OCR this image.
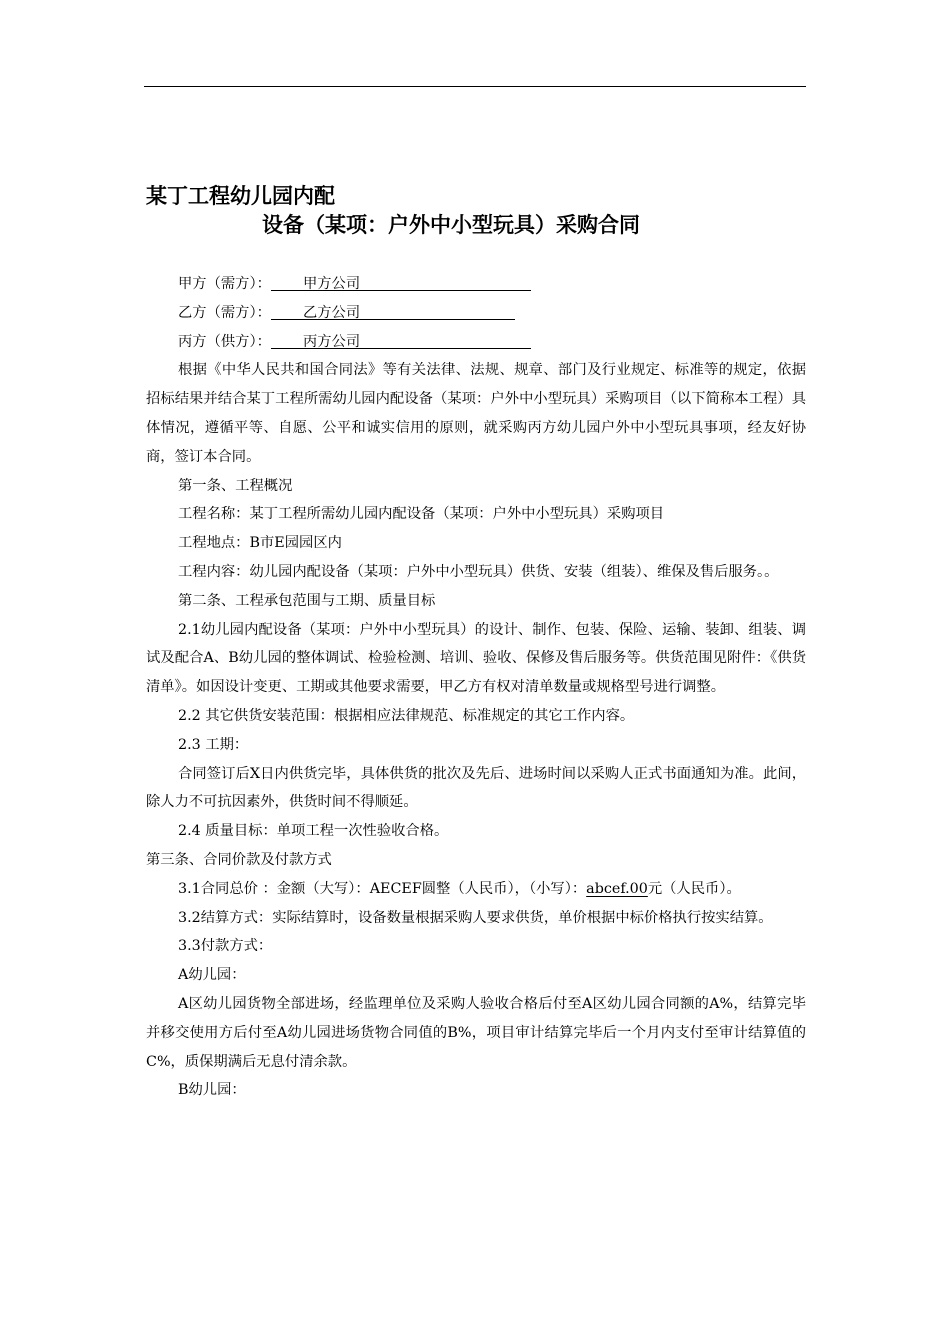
某丁工程幼儿园内配
设备（某项：户外中小型玩具）采购合同

甲方（需方）： 甲方公司

乙方（需方）： 乙方公司

丙方（供方）： 丙方公司

根据《中华人民共和国合同法》等有关法律、法规、规章、部门及行业规定、标准等的规定，依据招标结果并结合某丁工程所需幼儿园内配设备（某项：户外中小型玩具）采购项目（以下简称本工程）具体情况，遵循平等、自愿、公平和诚实信用的原则，就采购丙方幼儿园户外中小型玩具事项，经友好协商，签订本合同。

第一条、工程概况

工程名称：某丁工程所需幼儿园内配设备（某项：户外中小型玩具）采购项目

工程地点：B市E园园区内

工程内容：幼儿园内配设备（某项：户外中小型玩具）供货、安装（组装）、维保及售后服务。。

第二条、工程承包范围与工期、质量目标

2.1幼儿园内配设备（某项：户外中小型玩具）的设计、制作、包装、保险、运输、装卸、组装、调试及配合A、B幼儿园的整体调试、检验检测、培训、验收、保修及售后服务等。供货范围见附件：《供货清单》。如因设计变更、工期或其他要求需要，甲乙方有权对清单数量或规格型号进行调整。

2.2 其它供货安装范围：根据相应法律规范、标准规定的其它工作内容。

2.3 工期：

合同签订后X日内供货完毕，具体供货的批次及先后、进场时间以采购人正式书面通知为准。此间，除人力不可抗因素外，供货时间不得顺延。

2.4 质量目标：单项工程一次性验收合格。

第三条、合同价款及付款方式

3.1合同总价 ：金额（大写）：AECEF圆整（人民币），（小写）：abcef.00元（人民币）。

3.2结算方式：实际结算时，设备数量根据采购人要求供货，单价根据中标价格执行按实结算。

3.3付款方式：

A幼儿园：

A区幼儿园货物全部进场，经监理单位及采购人验收合格后付至A区幼儿园合同额的A%，结算完毕并移交使用方后付至A幼儿园进场货物合同值的B%，项目审计结算完毕后一个月内支付至审计结算值的C%，质保期满后无息付清余款。

B幼儿园：
